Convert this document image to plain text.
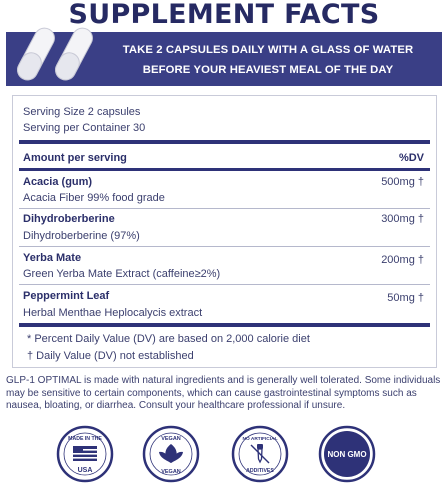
SUPPLEMENT FACTS
TAKE 2 CAPSULES DAILY WITH A GLASS OF WATER
BEFORE YOUR HEAVIEST MEAL OF THE DAY
Serving Size 2 capsules
Serving per Container 30
Amount per serving	%DV
Acacia (gum)	500mg †
Acacia Fiber 99% food grade
Dihydroberberine	300mg †
Dihydroberberine (97%)
Yerba Mate	200mg †
Green Yerba Mate Extract (caffeine≥2%)
Peppermint Leaf	50mg †
Herbal Menthae Heplocalycis extract
* Percent Daily Value (DV) are based on 2,000 calorie diet
† Daily Value (DV) not established
GLP-1 OPTIMAL is made with natural ingredients and is generally well tolerated. Some individuals may be sensitive to certain components, which can cause gastrointestinal symptoms such as nausea, bloating, or diarrhea. Consult your healthcare professional if unsure.
MADE IN THE
USA
VEGAN
VEGAN
NO ARTIFICIAL
ADDITIVES
NON GMO
